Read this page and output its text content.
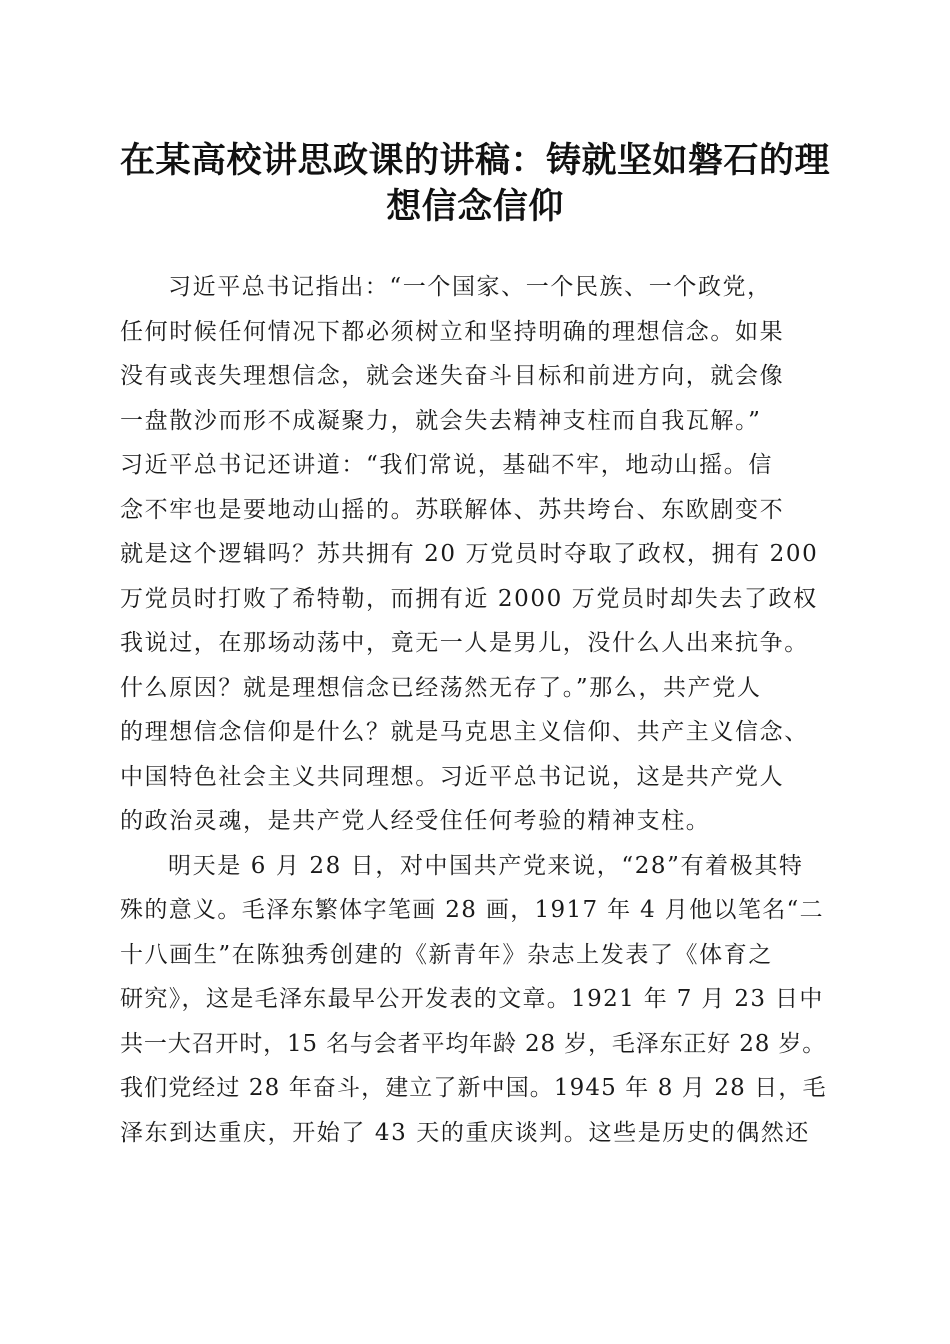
在某高校讲思政课的讲稿：铸就坚如磐石的理
想信念信仰
习近平总书记指出：“一个国家、一个民族、一个政党，
任何时候任何情况下都必须树立和坚持明确的理想信念。如果
没有或丧失理想信念，就会迷失奋斗目标和前进方向，就会像
一盘散沙而形不成凝聚力，就会失去精神支柱而自我瓦解。”
习近平总书记还讲道：“我们常说，基础不牢，地动山摇。信
念不牢也是要地动山摇的。苏联解体、苏共垮台、东欧剧变不
就是这个逻辑吗？苏共拥有 20 万党员时夺取了政权，拥有 200
万党员时打败了希特勒，而拥有近 2000 万党员时却失去了政权
我说过，在那场动荡中，竟无一人是男儿，没什么人出来抗争。
什么原因？就是理想信念已经荡然无存了。”那么，共产党人
的理想信念信仰是什么？就是马克思主义信仰、共产主义信念、
中国特色社会主义共同理想。习近平总书记说，这是共产党人
的政治灵魂，是共产党人经受住任何考验的精神支柱。
明天是 6 月 28 日，对中国共产党来说，“28”有着极其特
殊的意义。毛泽东繁体字笔画 28 画，1917 年 4 月他以笔名“二
十八画生”在陈独秀创建的《新青年》杂志上发表了《体育之
研究》，这是毛泽东最早公开发表的文章。1921 年 7 月 23 日中
共一大召开时，15 名与会者平均年龄 28 岁，毛泽东正好 28 岁。
我们党经过 28 年奋斗，建立了新中国。1945 年 8 月 28 日，毛
泽东到达重庆，开始了 43 天的重庆谈判。这些是历史的偶然还
